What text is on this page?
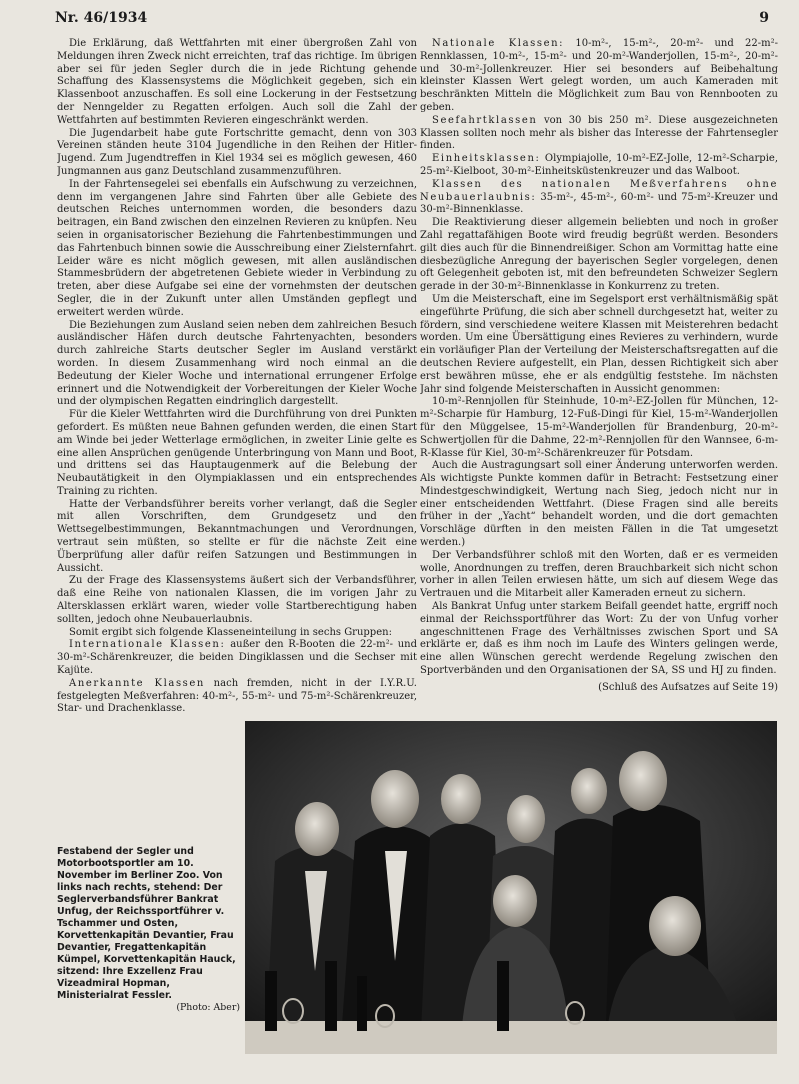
Nr. 46/1934	9

Die Erklärung, daß Wettfahrten mit einer übergroßen Zahl von Meldungen ihren Zweck nicht erreichten, traf das richtige. Im übrigen aber sei für jeden Segler durch die in jede Richtung gehende Schaffung des Klassensystems die Möglichkeit gegeben, sich ein Klassenboot anzuschaffen. Es soll eine Lockerung in der Festsetzung der Nenngelder zu Regatten erfolgen. Auch soll die Zahl der Wettfahrten auf bestimmten Revieren eingeschränkt werden.

Die Jugendarbeit habe gute Fortschritte gemacht, denn von 303 Vereinen ständen heute 3104 Jugendliche in den Reihen der Hitler-Jugend. Zum Jugendtreffen in Kiel 1934 sei es möglich gewesen, 460 Jungmannen aus ganz Deutschland zusammenzuführen.

In der Fahrtensegelei sei ebenfalls ein Aufschwung zu verzeichnen, denn im vergangenen Jahre sind Fahrten über alle Gebiete des deutschen Reiches unternommen worden, die besonders dazu beitragen, ein Band zwischen den einzelnen Revieren zu knüpfen. Neu seien in organisatorischer Beziehung die Fahrtenbestimmungen und das Fahrtenbuch binnen sowie die Ausschreibung einer Zielsternfahrt. Leider wäre es nicht möglich gewesen, mit allen ausländischen Stammesbrüdern der abgetretenen Gebiete wieder in Verbindung zu treten, aber diese Aufgabe sei eine der vornehmsten der deutschen Segler, die in der Zukunft unter allen Umständen gepflegt und erweitert werden würde.

Die Beziehungen zum Ausland seien neben dem zahlreichen Besuch ausländischer Häfen durch deutsche Fahrtenyachten, besonders durch zahlreiche Starts deutscher Segler im Ausland verstärkt worden. In diesem Zusammenhang wird noch einmal an die Bedeutung der Kieler Woche und international errungener Erfolge erinnert und die Notwendigkeit der Vorbereitungen der Kieler Woche und der olympischen Regatten eindringlich dargestellt.

Für die Kieler Wettfahrten wird die Durchführung von drei Punkten gefordert. Es müßten neue Bahnen gefunden werden, die einen Start am Winde bei jeder Wetterlage ermöglichen, in zweiter Linie gelte es eine allen Ansprüchen genügende Unterbringung von Mann und Boot, und drittens sei das Hauptaugenmerk auf die Belebung der Neubautätigkeit in den Olympiaklassen und ein entsprechendes Training zu richten.

Hatte der Verbandsführer bereits vorher verlangt, daß die Segler mit allen Vorschriften, dem Grundgesetz und den Wettsegelbestimmungen, Bekanntmachungen und Verordnungen, vertraut sein müßten, so stellte er für die nächste Zeit eine Überprüfung aller dafür reifen Satzungen und Bestimmungen in Aussicht.

Zu der Frage des Klassensystems äußert sich der Verbandsführer, daß eine Reihe von nationalen Klassen, die im vorigen Jahr zu Altersklassen erklärt waren, wieder volle Startberechtigung haben sollten, jedoch ohne Neubauerlaubnis.

Somit ergibt sich folgende Klasseneinteilung in sechs Gruppen:

Internationale Klassen: außer den R-Booten die 22-m²- und 30-m²-Schärenkreuzer, die beiden Dingiklassen und die Sechser mit Kajüte.

Anerkannte Klassen nach fremden, nicht in der I.Y.R.U. festgelegten Meßverfahren: 40-m²-, 55-m²- und 75-m²-Schärenkreuzer, Star- und Drachenklasse.

Nationale Klassen: 10-m²-, 15-m²-, 20-m²- und 22-m²-Rennklassen, 10-m²-, 15-m²- und 20-m²-Wanderjollen, 15-m²-, 20-m²- und 30-m²-Jollenkreuzer. Hier sei besonders auf Beibehaltung kleinster Klassen Wert gelegt worden, um auch Kameraden mit beschränkten Mitteln die Möglichkeit zum Bau von Rennbooten zu geben.

Seefahrtklassen von 30 bis 250 m². Diese ausgezeichneten Klassen sollten noch mehr als bisher das Interesse der Fahrtensegler finden.

Einheitsklassen: Olympiajolle, 10-m²-EZ-Jolle, 12-m²-Scharpie, 25-m²-Kielboot, 30-m²-Einheitsküstenkreuzer und das Walboot.

Klassen des nationalen Meßverfahrens ohne Neubauerlaubnis: 35-m²-, 45-m²-, 60-m²- und 75-m²-Kreuzer und 30-m²-Binnenklasse.

Die Reaktivierung dieser allgemein beliebten und noch in großer Zahl regattafähigen Boote wird freudig begrüßt werden. Besonders gilt dies auch für die Binnendreißiger. Schon am Vormittag hatte eine diesbezügliche Anregung der bayerischen Segler vorgelegen, denen oft Gelegenheit geboten ist, mit den befreundeten Schweizer Seglern gerade in der 30-m²-Binnenklasse in Konkurrenz zu treten.

Um die Meisterschaft, eine im Segelsport erst verhältnismäßig spät eingeführte Prüfung, die sich aber schnell durchgesetzt hat, weiter zu fördern, sind verschiedene weitere Klassen mit Meisterehren bedacht worden. Um eine Übersättigung eines Revieres zu verhindern, wurde ein vorläufiger Plan der Verteilung der Meisterschaftsregatten auf die deutschen Reviere aufgestellt, ein Plan, dessen Richtigkeit sich aber erst bewähren müsse, ehe er als endgültig feststehe. Im nächsten Jahr sind folgende Meisterschaften in Aussicht genommen:

10-m²-Rennjollen für Steinhude, 10-m²-EZ-Jollen für München, 12-m²-Scharpie für Hamburg, 12-Fuß-Dingi für Kiel, 15-m²-Wanderjollen für den Müggelsee, 15-m²-Wanderjollen für Brandenburg, 20-m²-Schwertjollen für die Dahme, 22-m²-Rennjollen für den Wannsee, 6-m-R-Klasse für Kiel, 30-m²-Schärenkreuzer für Potsdam.

Auch die Austragungsart soll einer Änderung unterworfen werden. Als wichtigste Punkte kommen dafür in Betracht: Festsetzung einer Mindestgeschwindigkeit, Wertung nach Sieg, jedoch nicht nur in einer entscheidenden Wettfahrt. (Diese Fragen sind alle bereits früher in der „Yacht“ behandelt worden, und die dort gemachten Vorschläge dürften in den meisten Fällen in die Tat umgesetzt werden.)

Der Verbandsführer schloß mit den Worten, daß er es vermeiden wolle, Anordnungen zu treffen, deren Brauchbarkeit sich nicht schon vorher in allen Teilen erwiesen hätte, um sich auf diesem Wege das Vertrauen und die Mitarbeit aller Kameraden erneut zu sichern.

Als Bankrat Unfug unter starkem Beifall geendet hatte, ergriff noch einmal der Reichssportführer das Wort: Zu der von Unfug vorher angeschnittenen Frage des Verhältnisses zwischen Sport und SA erklärte er, daß es ihm noch im Laufe des Winters gelingen werde, eine allen Wünschen gerecht werdende Regelung zwischen den Sportverbänden und den Organisationen der SA, SS und HJ zu finden.

(Schluß des Aufsatzes auf Seite 19)

Festabend der Segler und Motorbootsportler am 10. November im Berliner Zoo. Von links nach rechts, stehend: Der Seglerverbandsführer Bankrat Unfug, der Reichssportführer v. Tschammer und Osten, Korvettenkapitän Devantier, Frau Devantier, Fregattenkapitän Kümpel, Korvettenkapitän Hauck, sitzend: Ihre Exzellenz Frau Vizeadmiral Hopman, Ministerialrat Fessler.
(Photo: Aber)
